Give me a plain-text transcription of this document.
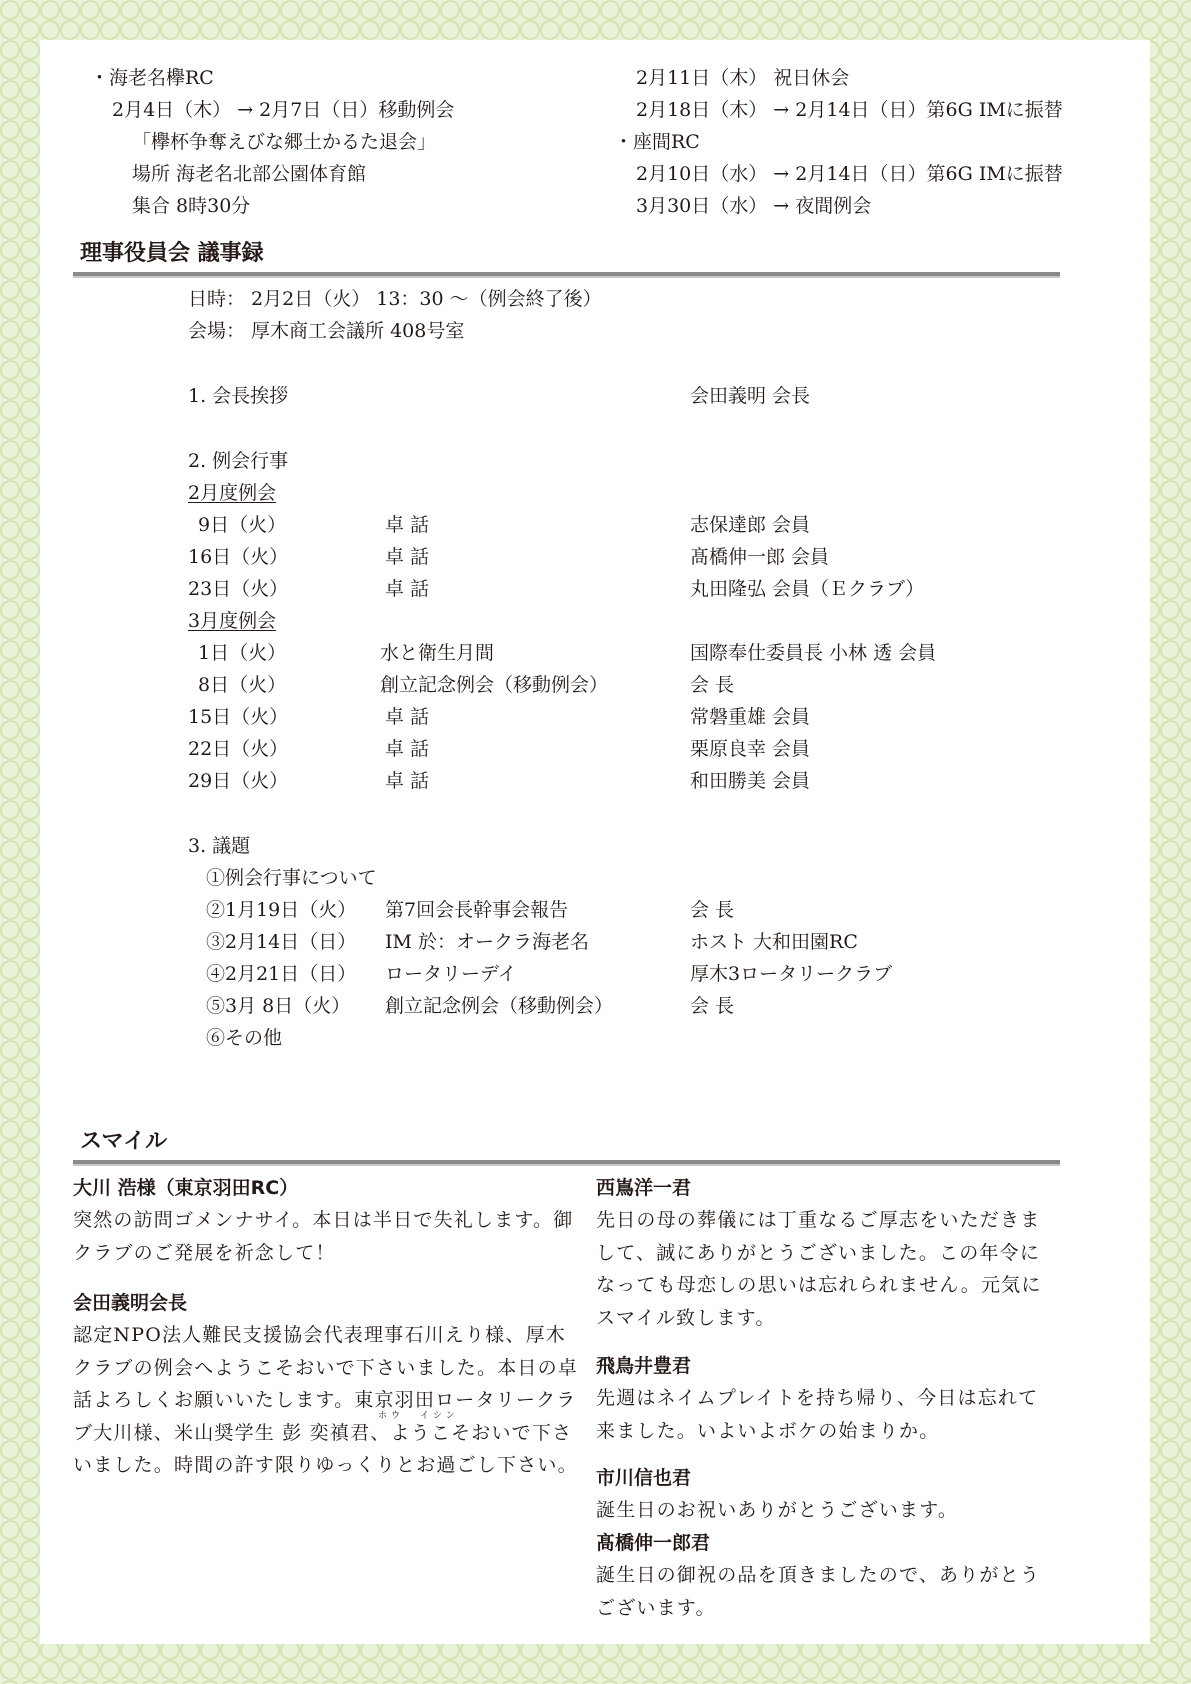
・海老名欅RC
2月4日（木） → 2月7日（日）移動例会
「欅杯争奪えびな郷土かるた退会」
場所 海老名北部公園体育館
集合 8時30分
2月11日（木） 祝日休会
2月18日（木） → 2月14日（日）第6G IMに振替
・座間RC
2月10日（水） → 2月14日（日）第6G IMに振替
3月30日（水） → 夜間例会
理事役員会 議事録
日時： 2月2日（火） 13：30 ～（例会終了後）
会場： 厚木商工会議所 408号室
1. 会長挨拶	会田義明 会長
2. 例会行事
2月度例会
9日（火）	卓 話	志保達郎 会員
16日（火）	卓 話	髙橋伸一郎 会員
23日（火）	卓 話	丸田隆弘 会員（Ｅクラブ）
3月度例会
1日（火）	水と衛生月間	国際奉仕委員長 小林 透 会員
8日（火）	創立記念例会（移動例会）	会 長
15日（火）	卓 話	常磐重雄 会員
22日（火）	卓 話	栗原良幸 会員
29日（火）	卓 話	和田勝美 会員
3. 議題
①例会行事について
②1月19日（火） 第7回会長幹事会報告	会 長
③2月14日（日） IM 於：オークラ海老名	ホスト 大和田園RC
④2月21日（日） ロータリーデイ	厚木3ロータリークラブ
⑤3月 8日（火） 創立記念例会（移動例会）	会 長
⑥その他
スマイル
大川 浩様（東京羽田RC）
突然の訪問ゴメンナサイ。本日は半日で失礼します。御クラブのご発展を祈念して！
会田義明会長
認定NPO法人難民支援協会代表理事石川えり様、厚木クラブの例会へようこそおいで下さいました。本日の卓話よろしくお願いいたします。東京羽田ロータリークラブ大川様、米山奨学生 彭 奕禛君、ようこそおいで下さいました。時間の許す限りゆっくりとお過ごし下さい。
ホウ イシン
西嶌洋一君
先日の母の葬儀には丁重なるご厚志をいただきまして、誠にありがとうございました。この年令になっても母恋しの思いは忘れられません。元気にスマイル致します。
飛鳥井豊君
先週はネイムプレイトを持ち帰り、今日は忘れて来ました。いよいよボケの始まりか。
市川信也君
誕生日のお祝いありがとうございます。
髙橋伸一郎君
誕生日の御祝の品を頂きましたので、ありがとうございます。
